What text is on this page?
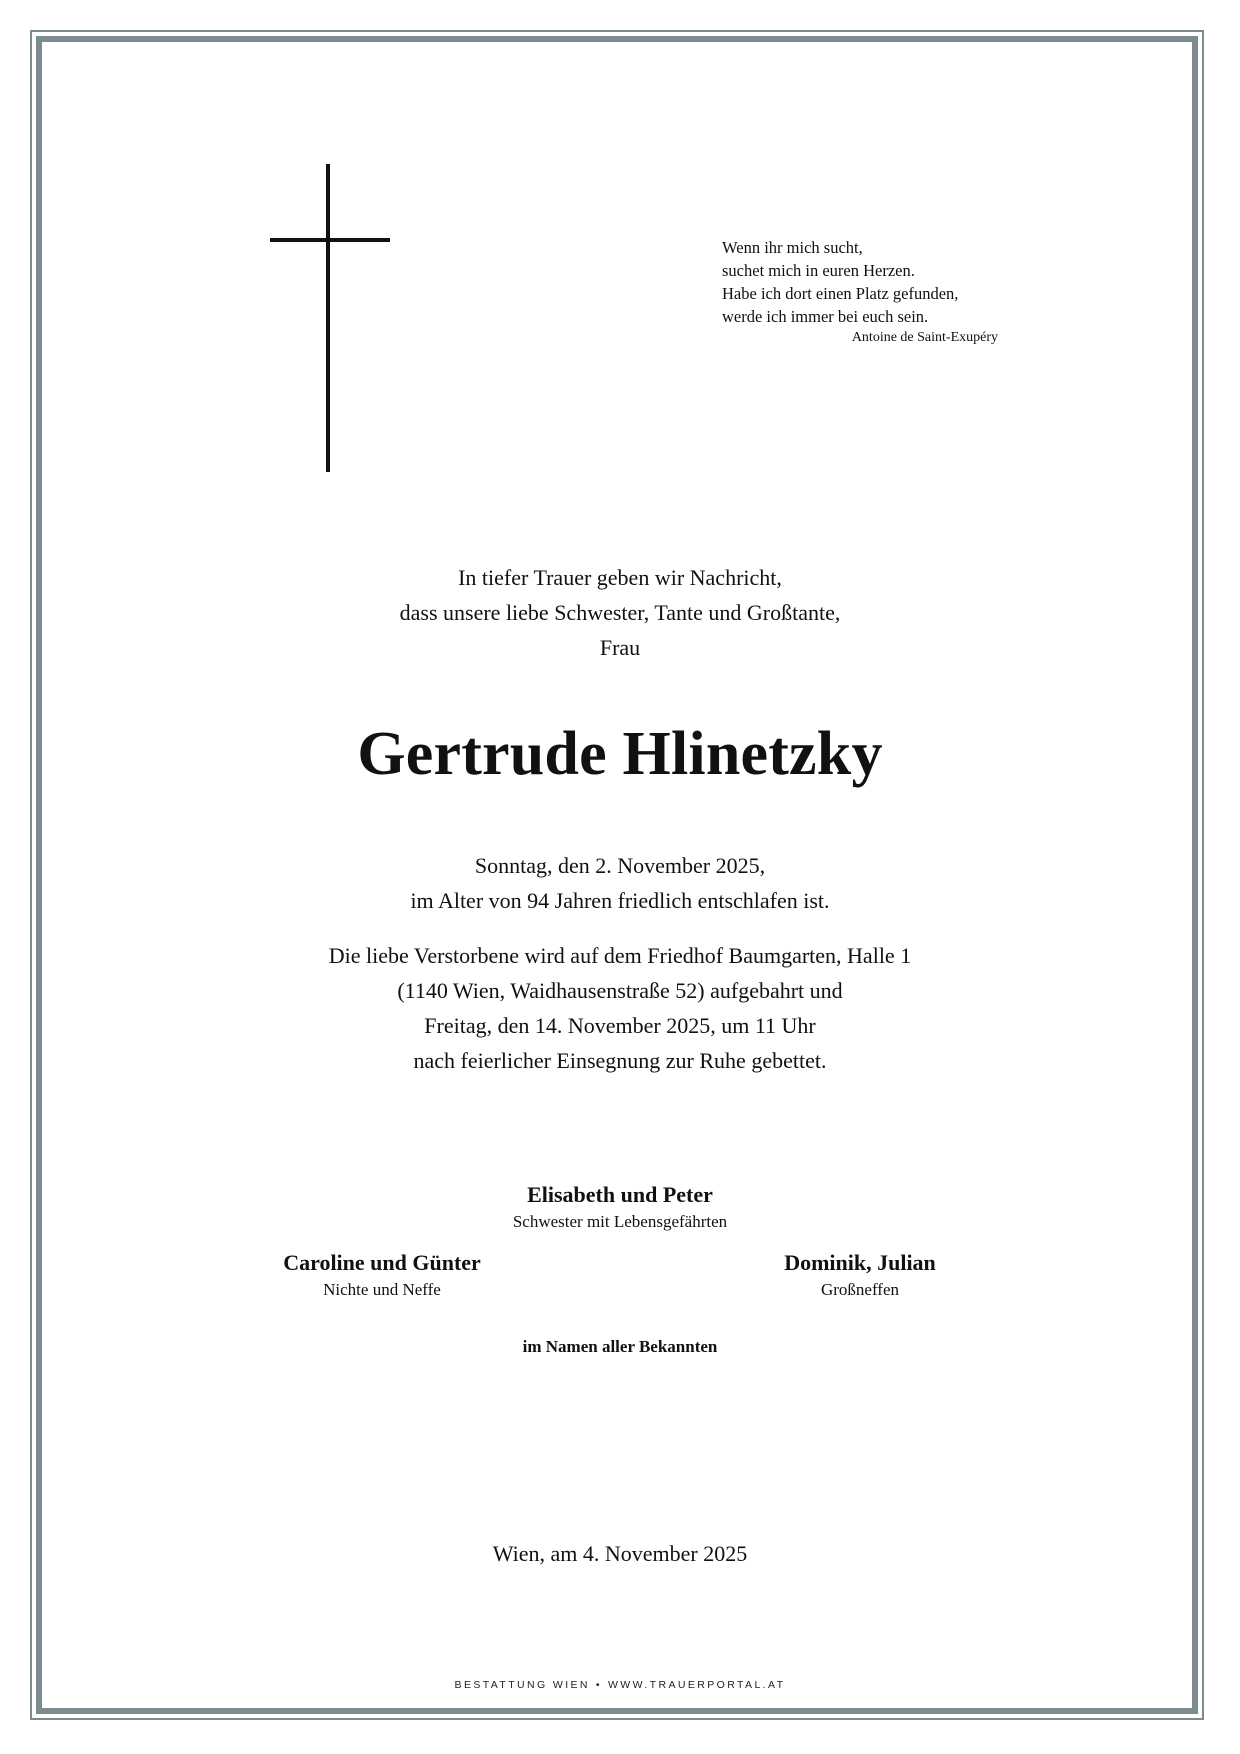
Wenn ihr mich sucht,
suchet mich in euren Herzen.
Habe ich dort einen Platz gefunden,
werde ich immer bei euch sein.
Antoine de Saint-Exupéry
In tiefer Trauer geben wir Nachricht,
dass unsere liebe Schwester, Tante und Großtante,
Frau
Gertrude Hlinetzky
Sonntag, den 2. November 2025,
im Alter von 94 Jahren friedlich entschlafen ist.
Die liebe Verstorbene wird auf dem Friedhof Baumgarten, Halle 1
(1140 Wien, Waidhausenstraße 52) aufgebahrt und
Freitag, den 14. November 2025, um 11 Uhr
nach feierlicher Einsegnung zur Ruhe gebettet.
Elisabeth und Peter
Schwester mit Lebensgefährten
Caroline und Günter
Nichte und Neffe
Dominik, Julian
Großneffen
im Namen aller Bekannten
Wien, am 4. November 2025
BESTATTUNG WIEN • WWW.TRAUERPORTAL.AT
